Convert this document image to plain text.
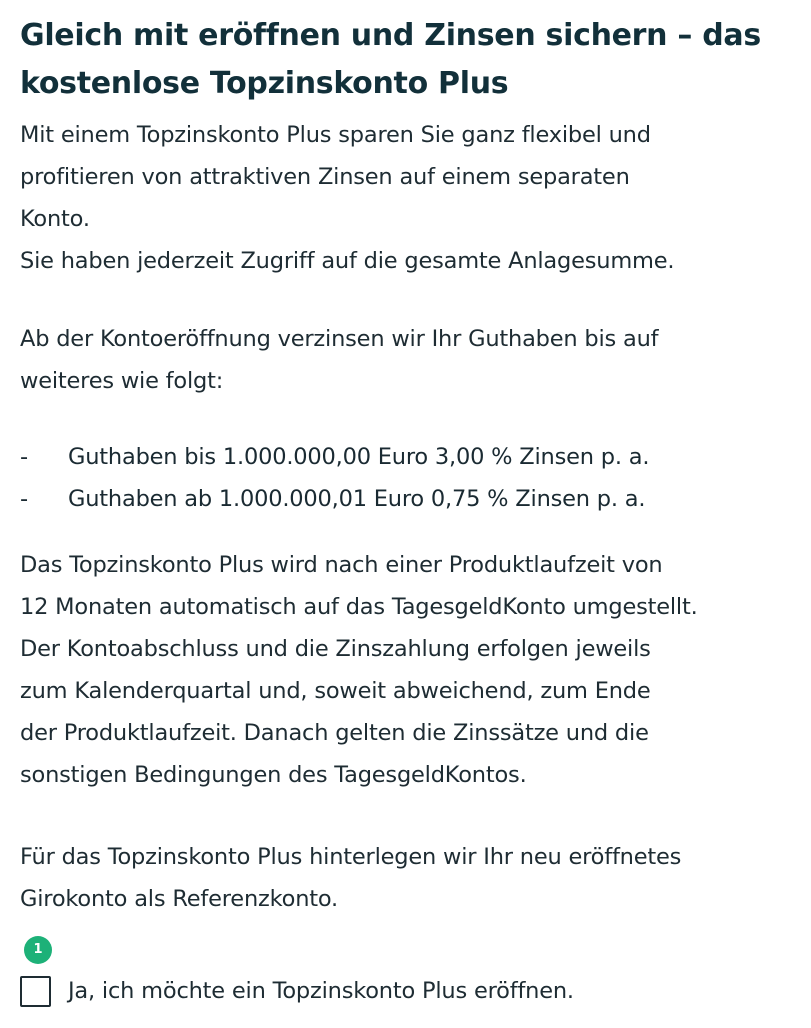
Gleich mit eröffnen und Zinsen sichern – das
kostenlose Topzinskonto Plus

Mit einem Topzinskonto Plus sparen Sie ganz flexibel und
profitieren von attraktiven Zinsen auf einem separaten
Konto.
Sie haben jederzeit Zugriff auf die gesamte Anlagesumme.

Ab der Kontoeröffnung verzinsen wir Ihr Guthaben bis auf
weiteres wie folgt:

- Guthaben bis 1.000.000,00 Euro 3,00 % Zinsen p. a.
- Guthaben ab 1.000.000,01 Euro 0,75 % Zinsen p. a.

Das Topzinskonto Plus wird nach einer Produktlaufzeit von
12 Monaten automatisch auf das TagesgeldKonto umgestellt.
Der Kontoabschluss und die Zinszahlung erfolgen jeweils
zum Kalenderquartal und, soweit abweichend, zum Ende
der Produktlaufzeit. Danach gelten die Zinssätze und die
sonstigen Bedingungen des TagesgeldKontos.

Für das Topzinskonto Plus hinterlegen wir Ihr neu eröffnetes
Girokonto als Referenzkonto.

1
Ja, ich möchte ein Topzinskonto Plus eröffnen.
